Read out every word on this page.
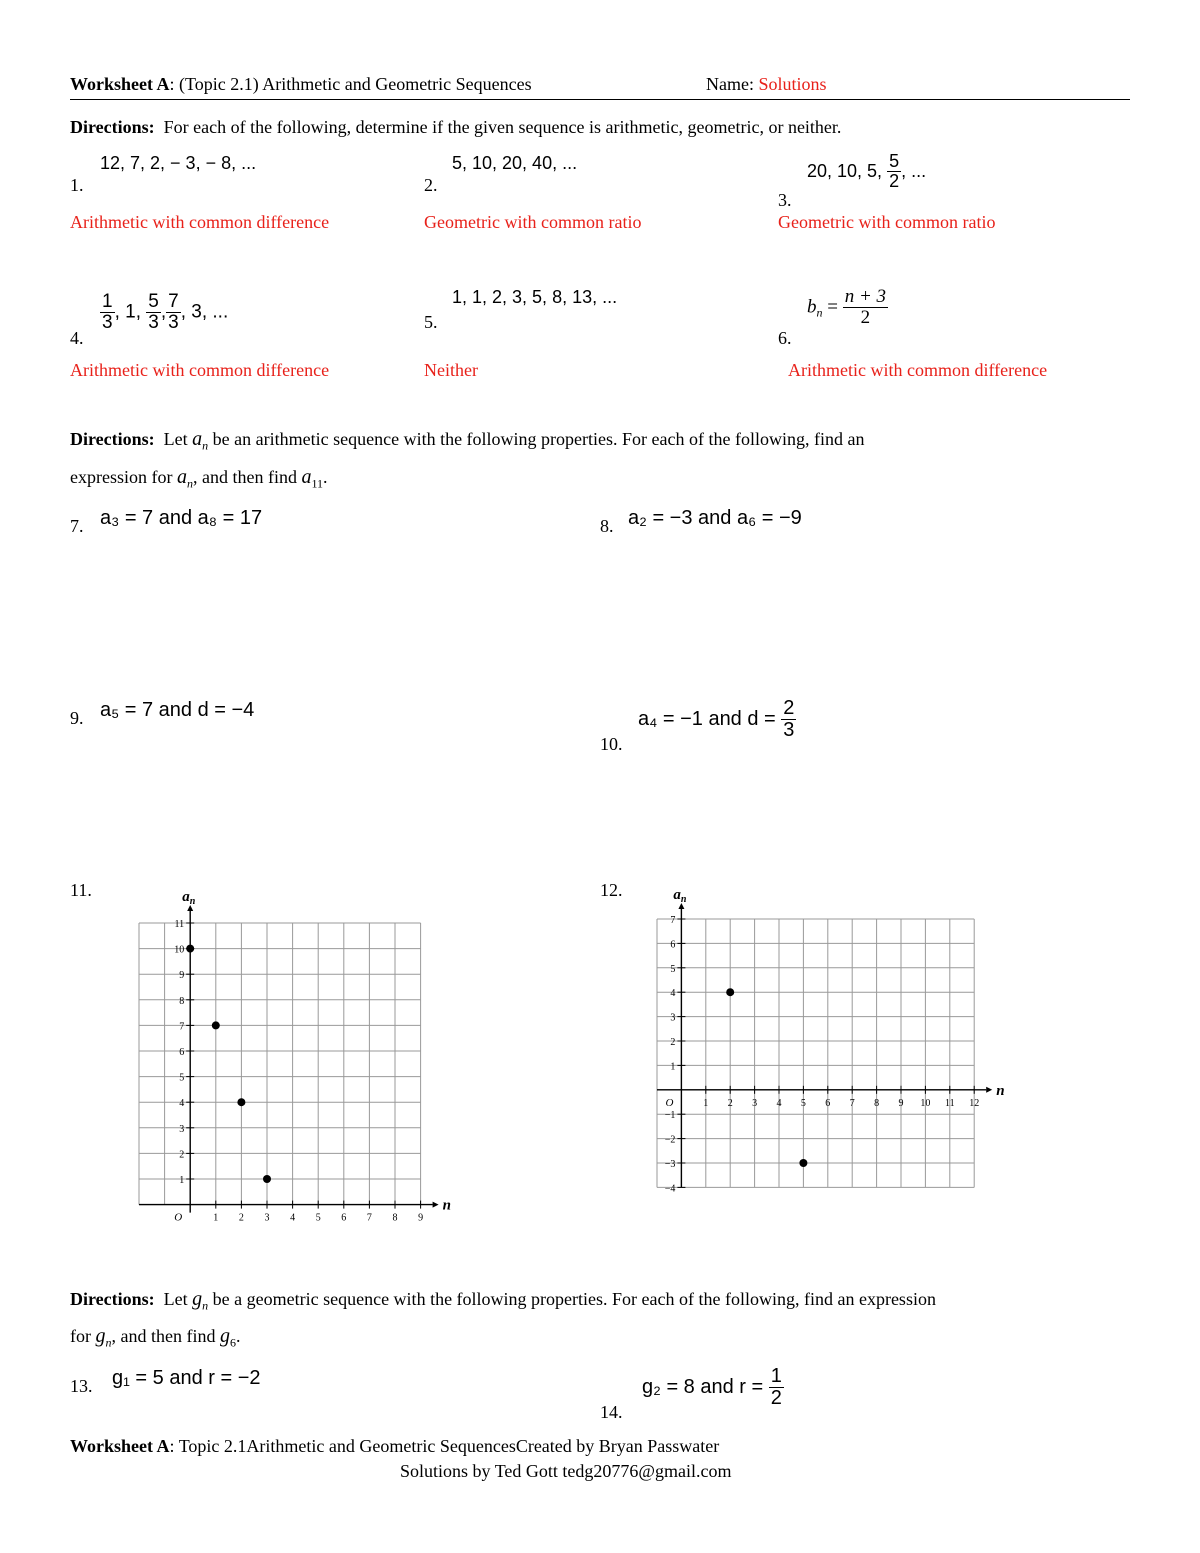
Worksheet A: (Topic 2.1) Arithmetic and Geometric Sequences	Name: Solutions
Directions: For each of the following, determine if the given sequence is arithmetic, geometric, or neither.
1.
12, 7, 2, − 3, − 8, ...
Arithmetic with common difference
2.
5, 10, 20, 40, ...
Geometric with common ratio
3.
20, 10, 5, $\frac{5}{2}$ , ...
Geometric with common ratio
4.
$\frac{1}{3}$ , 1, $\frac{5}{3}$ , $\frac{7}{3}$ , 3, ...
Arithmetic with common difference
5.
1, 1, 2, 3, 5, 8, 13, ...
Neither
6.
$b_n = \frac{n + 3}{2}$
Arithmetic with common difference
Directions: Let $a_n$ be an arithmetic sequence with the following properties. For each of the following, find an
expression for $a_n$, and then find $a_{11}$.
7. a₃ = 7 and a₈ = 17	8. a₂ = −3 and a₆ = −9
9. a₅ = 7 and d = −4
10.
a₄ = −1 and $d = \frac{2}{3}$
11.	12.
1 2 3 4 5 6 7 8 9
1
2
3
4
5
6
7
8
9
10
11
O
n
$a_n$
1 2 3 4 5 6 7 8 9 10 11 12
−4
−3
−2
−1
1
2
3
4
5
6
7
O
n
$a_n$
Directions: Let $g_n$ be a geometric sequence with the following properties. For each of the following, find an expression
for $g_n$, and then find $g_6$.
13. g₁ = 5 and r = −2
14.
g₂ = 8 and $r = \frac{1}{2}$
Worksheet A: Topic 2.1Arithmetic and Geometric SequencesCreated by Bryan Passwater
Solutions by Ted Gott tedg20776@gmail.com
